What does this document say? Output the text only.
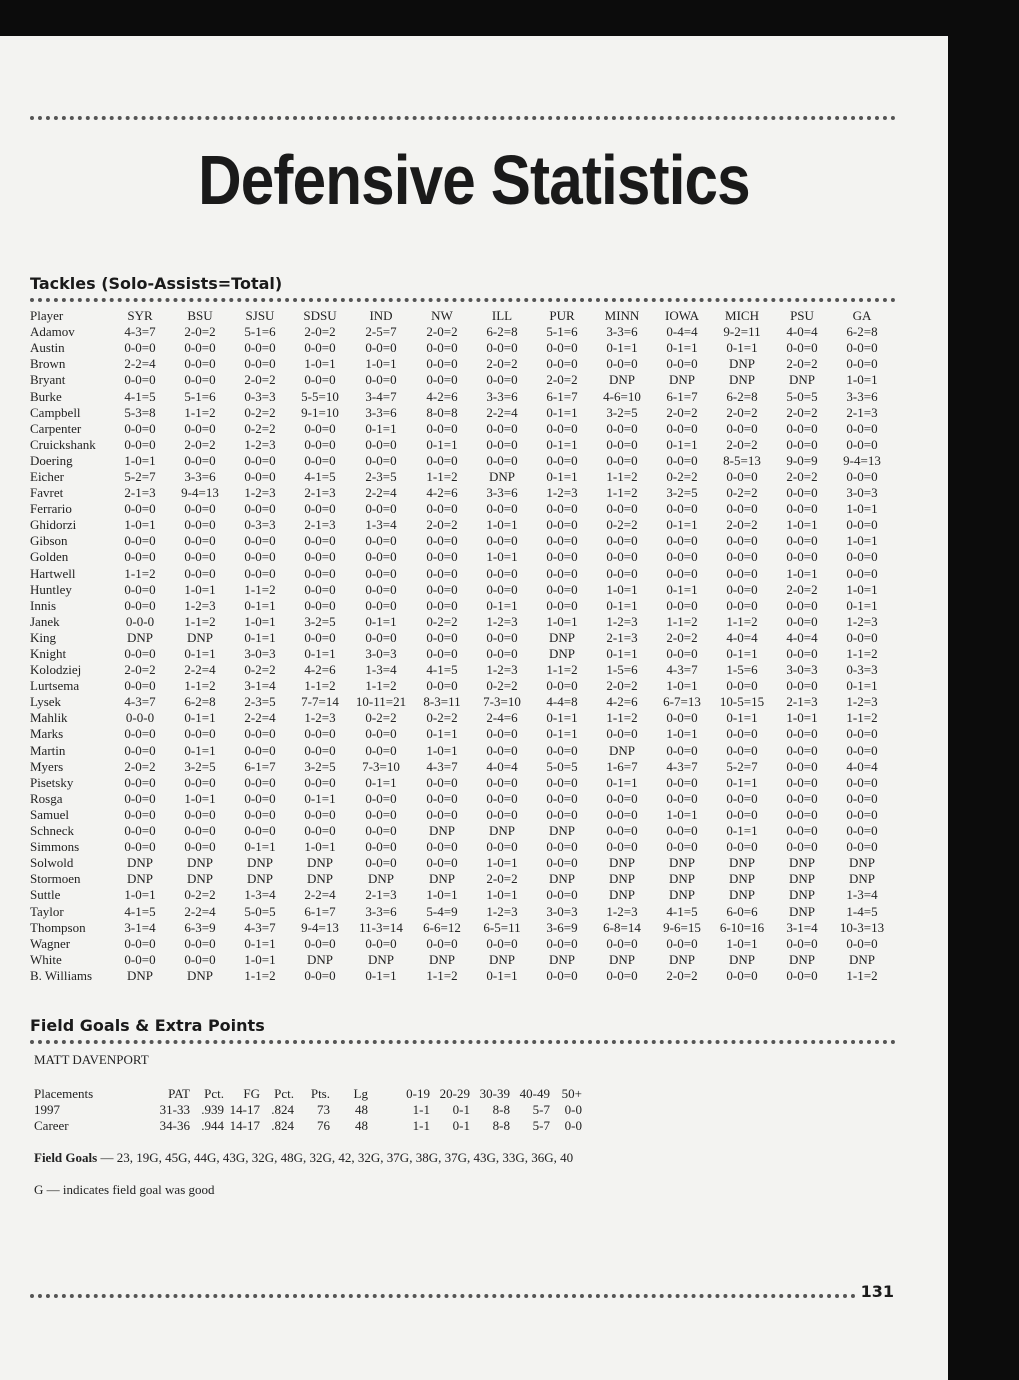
Defensive Statistics
Tackles (Solo-Assists=Total)
Player	SYR	BSU	SJSU	SDSU	IND	NW	ILL	PUR	MINN	IOWA	MICH	PSU	GA
Adamov	4-3=7	2-0=2	5-1=6	2-0=2	2-5=7	2-0=2	6-2=8	5-1=6	3-3=6	0-4=4	9-2=11	4-0=4	6-2=8
Austin	0-0=0	0-0=0	0-0=0	0-0=0	0-0=0	0-0=0	0-0=0	0-0=0	0-1=1	0-1=1	0-1=1	0-0=0	0-0=0
Brown	2-2=4	0-0=0	0-0=0	1-0=1	1-0=1	0-0=0	2-0=2	0-0=0	0-0=0	0-0=0	DNP	2-0=2	0-0=0
Bryant	0-0=0	0-0=0	2-0=2	0-0=0	0-0=0	0-0=0	0-0=0	2-0=2	DNP	DNP	DNP	DNP	1-0=1
Burke	4-1=5	5-1=6	0-3=3	5-5=10	3-4=7	4-2=6	3-3=6	6-1=7	4-6=10	6-1=7	6-2=8	5-0=5	3-3=6
Campbell	5-3=8	1-1=2	0-2=2	9-1=10	3-3=6	8-0=8	2-2=4	0-1=1	3-2=5	2-0=2	2-0=2	2-0=2	2-1=3
Carpenter	0-0=0	0-0=0	0-2=2	0-0=0	0-1=1	0-0=0	0-0=0	0-0=0	0-0=0	0-0=0	0-0=0	0-0=0	0-0=0
Cruickshank	0-0=0	2-0=2	1-2=3	0-0=0	0-0=0	0-1=1	0-0=0	0-1=1	0-0=0	0-1=1	2-0=2	0-0=0	0-0=0
Doering	1-0=1	0-0=0	0-0=0	0-0=0	0-0=0	0-0=0	0-0=0	0-0=0	0-0=0	0-0=0	8-5=13	9-0=9	9-4=13
Eicher	5-2=7	3-3=6	0-0=0	4-1=5	2-3=5	1-1=2	DNP	0-1=1	1-1=2	0-2=2	0-0=0	2-0=2	0-0=0
Favret	2-1=3	9-4=13	1-2=3	2-1=3	2-2=4	4-2=6	3-3=6	1-2=3	1-1=2	3-2=5	0-2=2	0-0=0	3-0=3
Ferrario	0-0=0	0-0=0	0-0=0	0-0=0	0-0=0	0-0=0	0-0=0	0-0=0	0-0=0	0-0=0	0-0=0	0-0=0	1-0=1
Ghidorzi	1-0=1	0-0=0	0-3=3	2-1=3	1-3=4	2-0=2	1-0=1	0-0=0	0-2=2	0-1=1	2-0=2	1-0=1	0-0=0
Gibson	0-0=0	0-0=0	0-0=0	0-0=0	0-0=0	0-0=0	0-0=0	0-0=0	0-0=0	0-0=0	0-0=0	0-0=0	1-0=1
Golden	0-0=0	0-0=0	0-0=0	0-0=0	0-0=0	0-0=0	1-0=1	0-0=0	0-0=0	0-0=0	0-0=0	0-0=0	0-0=0
Hartwell	1-1=2	0-0=0	0-0=0	0-0=0	0-0=0	0-0=0	0-0=0	0-0=0	0-0=0	0-0=0	0-0=0	1-0=1	0-0=0
Huntley	0-0=0	1-0=1	1-1=2	0-0=0	0-0=0	0-0=0	0-0=0	0-0=0	1-0=1	0-1=1	0-0=0	2-0=2	1-0=1
Innis	0-0=0	1-2=3	0-1=1	0-0=0	0-0=0	0-0=0	0-1=1	0-0=0	0-1=1	0-0=0	0-0=0	0-0=0	0-1=1
Janek	0-0-0	1-1=2	1-0=1	3-2=5	0-1=1	0-2=2	1-2=3	1-0=1	1-2=3	1-1=2	1-1=2	0-0=0	1-2=3
King	DNP	DNP	0-1=1	0-0=0	0-0=0	0-0=0	0-0=0	DNP	2-1=3	2-0=2	4-0=4	4-0=4	0-0=0
Knight	0-0=0	0-1=1	3-0=3	0-1=1	3-0=3	0-0=0	0-0=0	DNP	0-1=1	0-0=0	0-1=1	0-0=0	1-1=2
Kolodziej	2-0=2	2-2=4	0-2=2	4-2=6	1-3=4	4-1=5	1-2=3	1-1=2	1-5=6	4-3=7	1-5=6	3-0=3	0-3=3
Lurtsema	0-0=0	1-1=2	3-1=4	1-1=2	1-1=2	0-0=0	0-2=2	0-0=0	2-0=2	1-0=1	0-0=0	0-0=0	0-1=1
Lysek	4-3=7	6-2=8	2-3=5	7-7=14	10-11=21	8-3=11	7-3=10	4-4=8	4-2=6	6-7=13	10-5=15	2-1=3	1-2=3
Mahlik	0-0-0	0-1=1	2-2=4	1-2=3	0-2=2	0-2=2	2-4=6	0-1=1	1-1=2	0-0=0	0-1=1	1-0=1	1-1=2
Marks	0-0=0	0-0=0	0-0=0	0-0=0	0-0=0	0-1=1	0-0=0	0-1=1	0-0=0	1-0=1	0-0=0	0-0=0	0-0=0
Martin	0-0=0	0-1=1	0-0=0	0-0=0	0-0=0	1-0=1	0-0=0	0-0=0	DNP	0-0=0	0-0=0	0-0=0	0-0=0
Myers	2-0=2	3-2=5	6-1=7	3-2=5	7-3=10	4-3=7	4-0=4	5-0=5	1-6=7	4-3=7	5-2=7	0-0=0	4-0=4
Pisetsky	0-0=0	0-0=0	0-0=0	0-0=0	0-1=1	0-0=0	0-0=0	0-0=0	0-1=1	0-0=0	0-1=1	0-0=0	0-0=0
Rosga	0-0=0	1-0=1	0-0=0	0-1=1	0-0=0	0-0=0	0-0=0	0-0=0	0-0=0	0-0=0	0-0=0	0-0=0	0-0=0
Samuel	0-0=0	0-0=0	0-0=0	0-0=0	0-0=0	0-0=0	0-0=0	0-0=0	0-0=0	1-0=1	0-0=0	0-0=0	0-0=0
Schneck	0-0=0	0-0=0	0-0=0	0-0=0	0-0=0	DNP	DNP	DNP	0-0=0	0-0=0	0-1=1	0-0=0	0-0=0
Simmons	0-0=0	0-0=0	0-1=1	1-0=1	0-0=0	0-0=0	0-0=0	0-0=0	0-0=0	0-0=0	0-0=0	0-0=0	0-0=0
Solwold	DNP	DNP	DNP	DNP	0-0=0	0-0=0	1-0=1	0-0=0	DNP	DNP	DNP	DNP	DNP
Stormoen	DNP	DNP	DNP	DNP	DNP	DNP	2-0=2	DNP	DNP	DNP	DNP	DNP	DNP
Suttle	1-0=1	0-2=2	1-3=4	2-2=4	2-1=3	1-0=1	1-0=1	0-0=0	DNP	DNP	DNP	DNP	1-3=4
Taylor	4-1=5	2-2=4	5-0=5	6-1=7	3-3=6	5-4=9	1-2=3	3-0=3	1-2=3	4-1=5	6-0=6	DNP	1-4=5
Thompson	3-1=4	6-3=9	4-3=7	9-4=13	11-3=14	6-6=12	6-5=11	3-6=9	6-8=14	9-6=15	6-10=16	3-1=4	10-3=13
Wagner	0-0=0	0-0=0	0-1=1	0-0=0	0-0=0	0-0=0	0-0=0	0-0=0	0-0=0	0-0=0	1-0=1	0-0=0	0-0=0
White	0-0=0	0-0=0	1-0=1	DNP	DNP	DNP	DNP	DNP	DNP	DNP	DNP	DNP	DNP
B. Williams	DNP	DNP	1-1=2	0-0=0	0-1=1	1-1=2	0-1=1	0-0=0	0-0=0	2-0=2	0-0=0	0-0=0	1-1=2
Field Goals & Extra Points
MATT DAVENPORT
Placements	PAT	Pct.	FG	Pct.	Pts.	Lg		0-19	20-29	30-39	40-49	50+
1997	31-33	.939	14-17	.824	73	48		1-1	0-1	8-8	5-7	0-0
Career	34-36	.944	14-17	.824	76	48		1-1	0-1	8-8	5-7	0-0
Field Goals — 23, 19G, 45G, 44G, 43G, 32G, 48G, 32G, 42, 32G, 37G, 38G, 37G, 43G, 33G, 36G, 40
G — indicates field goal was good
131
